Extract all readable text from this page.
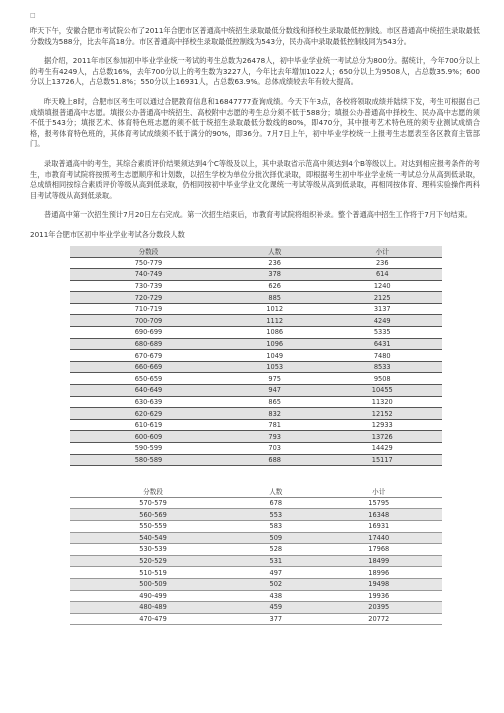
□

昨天下午，安徽合肥市考试院公布了2011年合肥市区普通高中统招生录取最低分数线和择校生录取最低控制线。市区普通高中统招生录取最低分数线为588分，比去年高18分。市区普通高中择校生录取最低控制线为543分，民办高中录取最低控制线同为543分。

据介绍，2011年市区参加初中毕业学业统一考试的考生总数为26478人，初中毕业学业统一考试总分为800分。据统计，今年700分以上的考生有4249人，占总数16%，去年700分以上的考生数为3227人，今年比去年增加1022人；650分以上为9508人，占总数35.9%；600分以上13726人，占总数51.8%；550分以上16931人，占总数63.9%。总体成绩较去年有较大提高。

昨天晚上8时，合肥市区考生可以通过合肥教育信息和16847777查询成绩。今天下午3点，各校将领取成绩并陆续下发，考生可根据自己成绩填报普通高中志愿。填报公办普通高中统招生、高校附中志愿的考生总分须不低于588分；填报公办普通高中择校生、民办高中志愿的须不低于543分；填报艺术、体育特色班志愿的须不低于统招生录取最低分数线的80%，即470分，其中报考艺术特色班的须专业测试成绩合格，报考体育特色班的，其体育考试成绩须不低于满分的90%，即36分。7月7日上午，初中毕业学校统一上报考生志愿表至各区教育主管部门。

录取普通高中的考生，其综合素质评价结果须达到4个C等级及以上，其中录取省示范高中须达到4个B等级以上。对达到相应报考条件的考生，市教育考试院将按照考生志愿顺序和计划数，以招生学校为单位分批次择优录取，即根据考生初中毕业学业统一考试总分从高到低录取，总成绩相同按综合素质评价等级从高到低录取，仍相同按初中毕业学业文化课统一考试等级从高到低录取，再相同按体育、理科实验操作两科目考试等级从高到低录取。

普通高中第一次招生预计7月20日左右完成。第一次招生结束后，市教育考试院将组织补录。整个普通高中招生工作将于7月下旬结束。

2011年合肥市区初中毕业学业考试各分数段人数
分数段	人数	小计
750-779	236	236
740-749	378	614
730-739	626	1240
720-729	885	2125
710-719	1012	3137
700-709	1112	4249
690-699	1086	5335
680-689	1096	6431
670-679	1049	7480
660-669	1053	8533
650-659	975	9508
640-649	947	10455
630-639	865	11320
620-629	832	12152
610-619	781	12933
600-609	793	13726
590-599	703	14429
580-589	688	15117
分数段	人数	小计
570-579	678	15795
560-569	553	16348
550-559	583	16931
540-549	509	17440
530-539	528	17968
520-529	531	18499
510-519	497	18996
500-509	502	19498
490-499	438	19936
480-489	459	20395
470-479	377	20772
